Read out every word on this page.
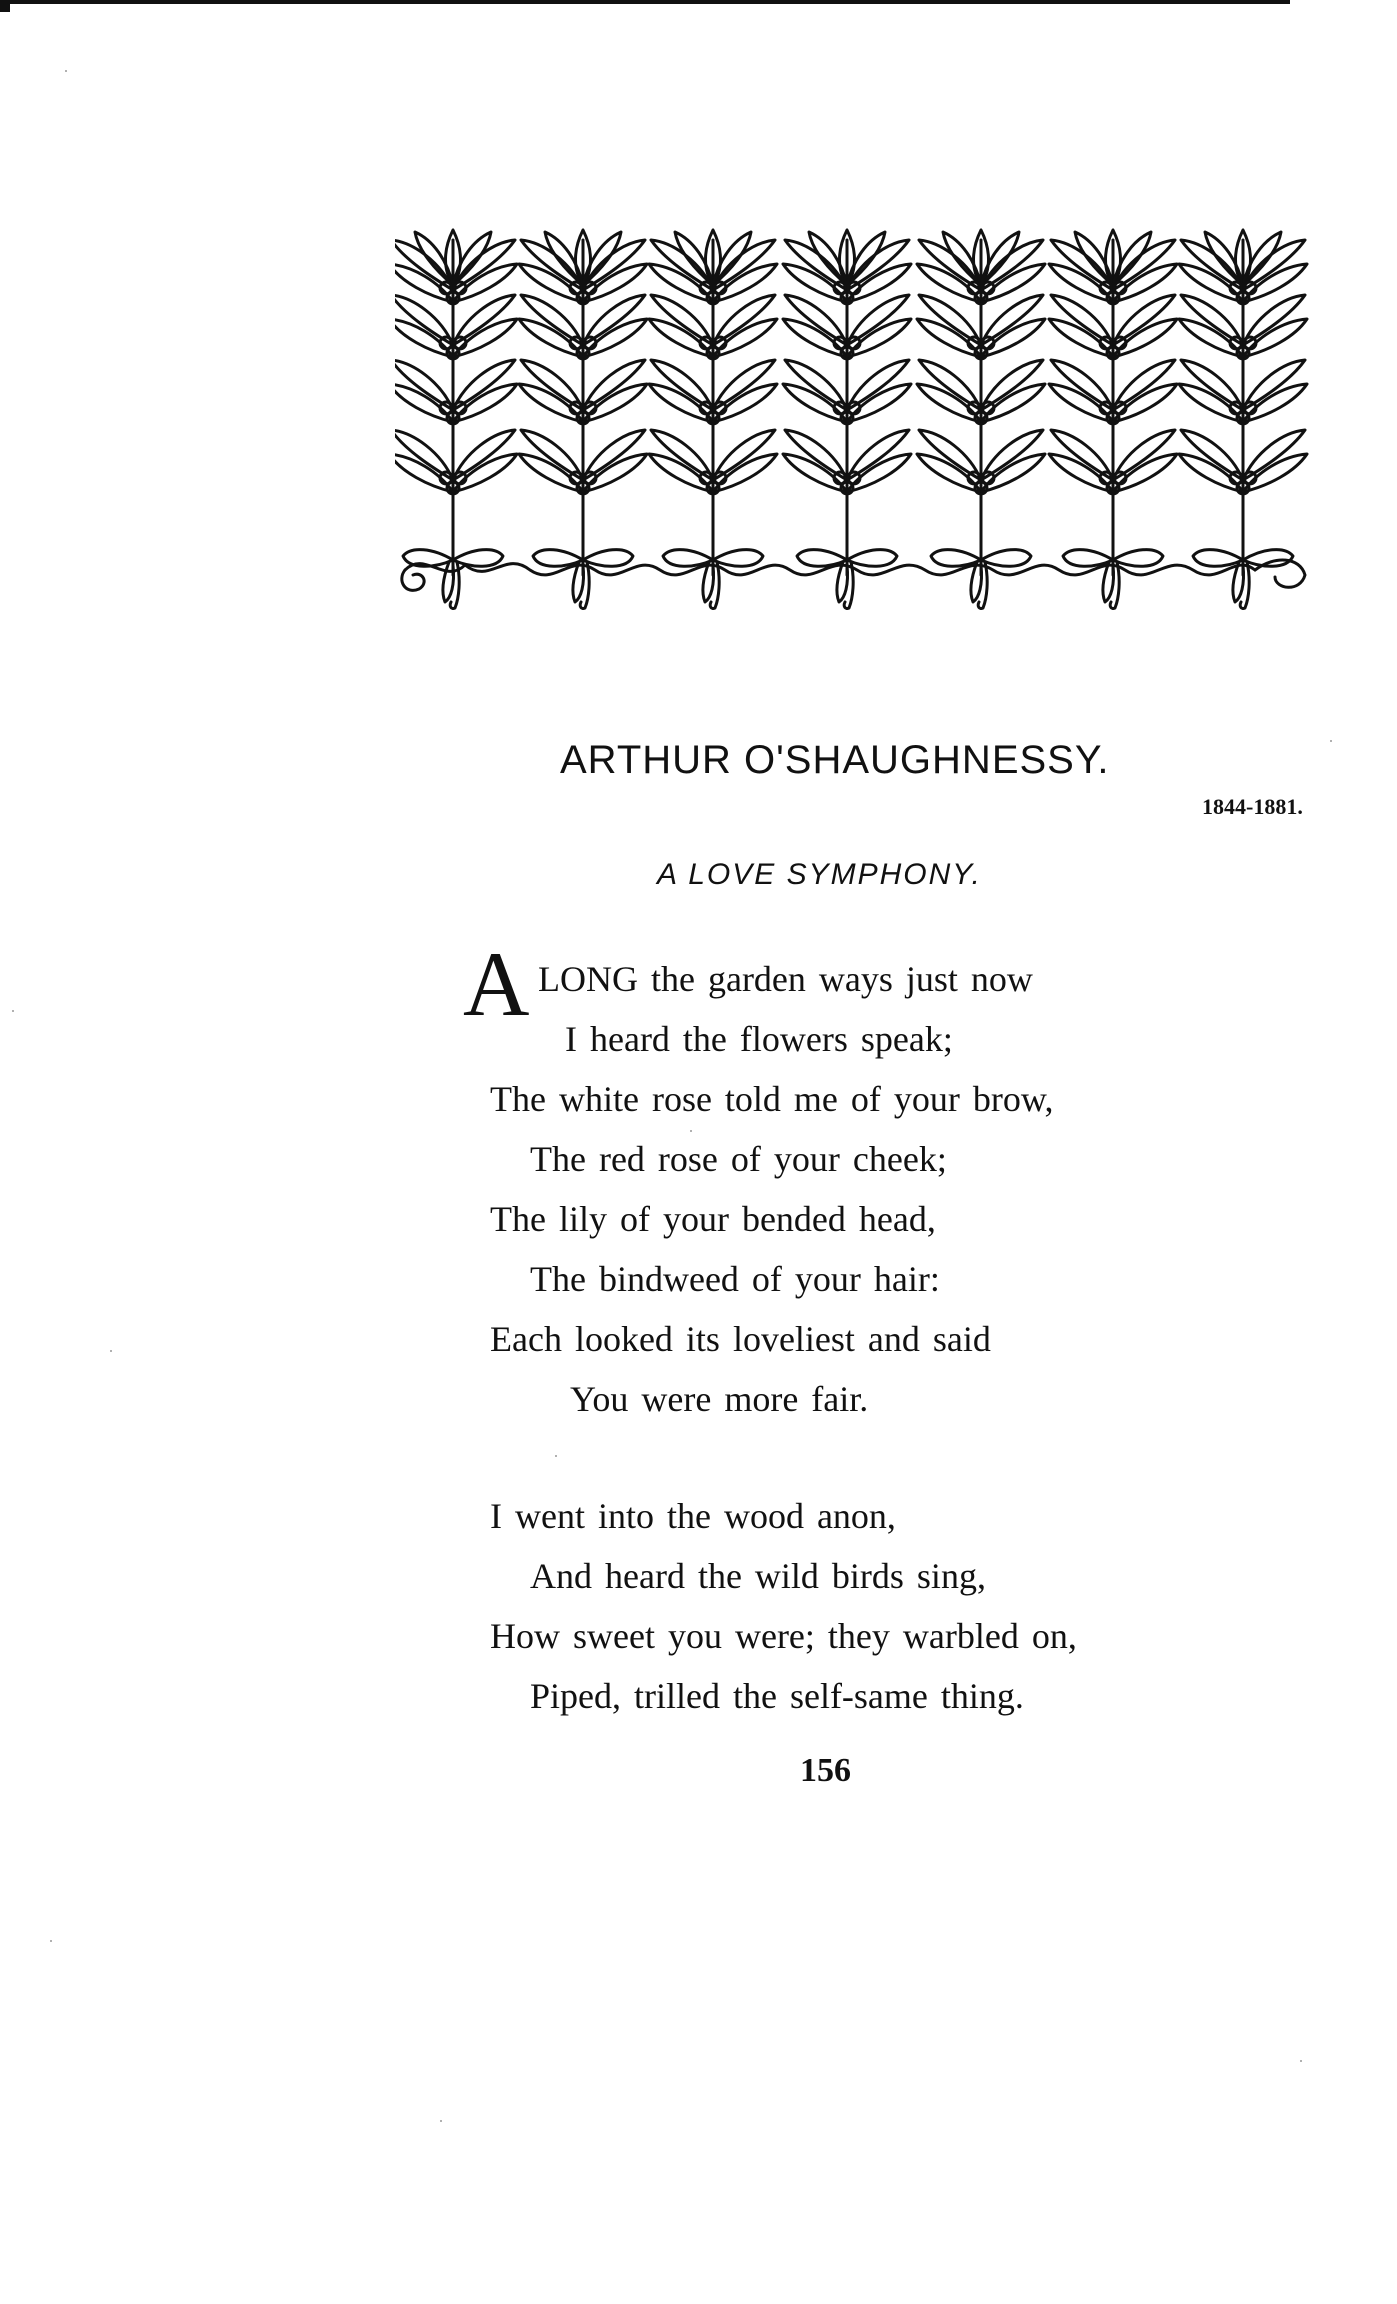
ARTHUR O'SHAUGHNESSY.
1844-1881.
A LOVE SYMPHONY.
A LONG the garden ways just now
I heard the flowers speak;
The white rose told me of your brow,
The red rose of your cheek;
The lily of your bended head,
The bindweed of your hair:
Each looked its loveliest and said
You were more fair.
I went into the wood anon,
And heard the wild birds sing,
How sweet you were; they warbled on,
Piped, trilled the self-same thing.
156
